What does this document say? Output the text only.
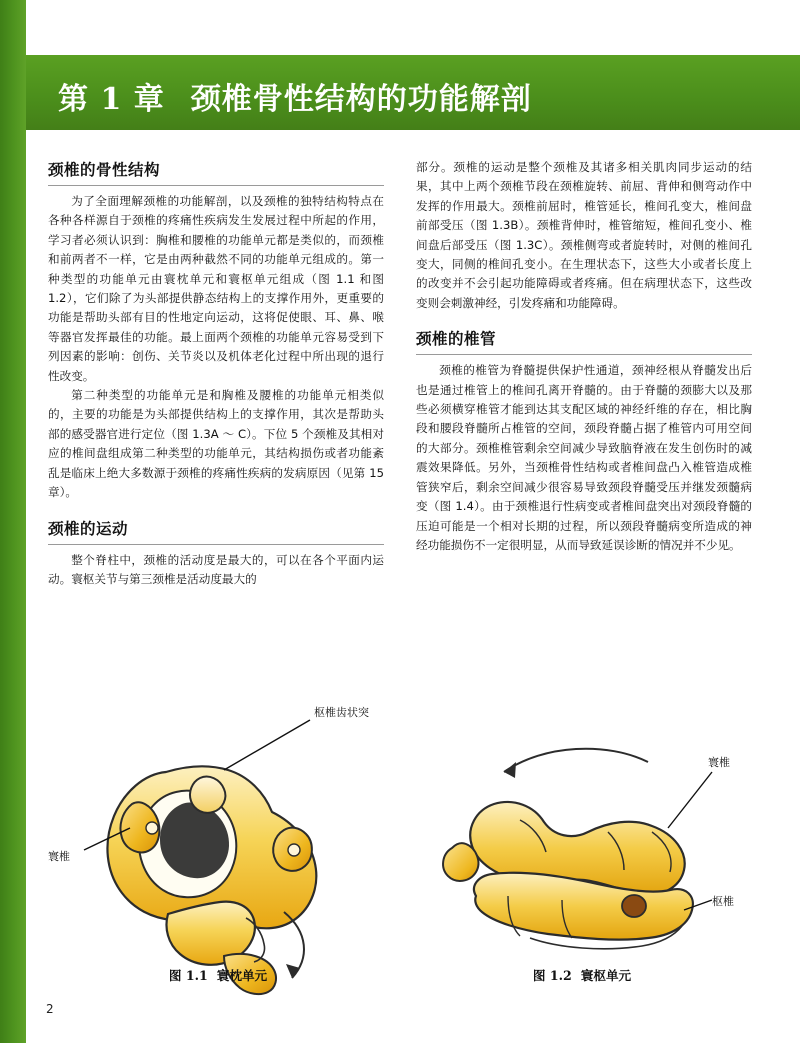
第 1 章 颈椎骨性结构的功能解剖
颈椎的骨性结构

为了全面理解颈椎的功能解剖，以及颈椎的独特结构特点在各种各样源自于颈椎的疼痛性疾病发生发展过程中所起的作用，学习者必须认识到：胸椎和腰椎的功能单元都是类似的，而颈椎和前两者不一样，它是由两种截然不同的功能单元组成的。第一种类型的功能单元由寰枕单元和寰枢单元组成（图 1.1 和图 1.2），它们除了为头部提供静态结构上的支撑作用外，更重要的功能是帮助头部有目的性地定向运动，这将促使眼、耳、鼻、喉等器官发挥最佳的功能。最上面两个颈椎的功能单元容易受到下列因素的影响：创伤、关节炎以及机体老化过程中所出现的退行性改变。

第二种类型的功能单元是和胸椎及腰椎的功能单元相类似的，主要的功能是为头部提供结构上的支撑作用，其次是帮助头部的感受器官进行定位（图 1.3A ～ C）。下位 5 个颈椎及其相对应的椎间盘组成第二种类型的功能单元，其结构损伤或者功能紊乱是临床上绝大多数源于颈椎的疼痛性疾病的发病原因（见第 15 章）。

颈椎的运动

整个脊柱中，颈椎的活动度是最大的，可以在各个平面内运动。寰枢关节与第三颈椎是活动度最大的

部分。颈椎的运动是整个颈椎及其诸多相关肌肉同步运动的结果，其中上两个颈椎节段在颈椎旋转、前屈、背伸和侧弯动作中发挥的作用最大。颈椎前屈时，椎管延长，椎间孔变大，椎间盘前部受压（图 1.3B）。颈椎背伸时，椎管缩短，椎间孔变小、椎间盘后部受压（图 1.3C）。颈椎侧弯或者旋转时，对侧的椎间孔变大，同侧的椎间孔变小。在生理状态下，这些大小或者长度上的改变并不会引起功能障碍或者疼痛。但在病理状态下，这些改变则会刺激神经，引发疼痛和功能障碍。

颈椎的椎管

颈椎的椎管为脊髓提供保护性通道，颈神经根从脊髓发出后也是通过椎管上的椎间孔离开脊髓的。由于脊髓的颈膨大以及那些必须横穿椎管才能到达其支配区域的神经纤维的存在，相比胸段和腰段脊髓所占椎管的空间，颈段脊髓占据了椎管内可用空间的大部分。颈椎椎管剩余空间减少导致脑脊液在发生创伤时的减震效果降低。另外，当颈椎骨性结构或者椎间盘凸入椎管造成椎管狭窄后，剩余空间减少很容易导致颈段脊髓受压并继发颈髓病变（图 1.4）。由于颈椎退行性病变或者椎间盘突出对颈段脊髓的压迫可能是一个相对长期的过程，所以颈段脊髓病变所造成的神经功能损伤不一定很明显，从而导致延误诊断的情况并不少见。

枢椎齿状突
寰椎
图 1.1 寰枕单元
寰椎
枢椎
图 1.2 寰枢单元
2
